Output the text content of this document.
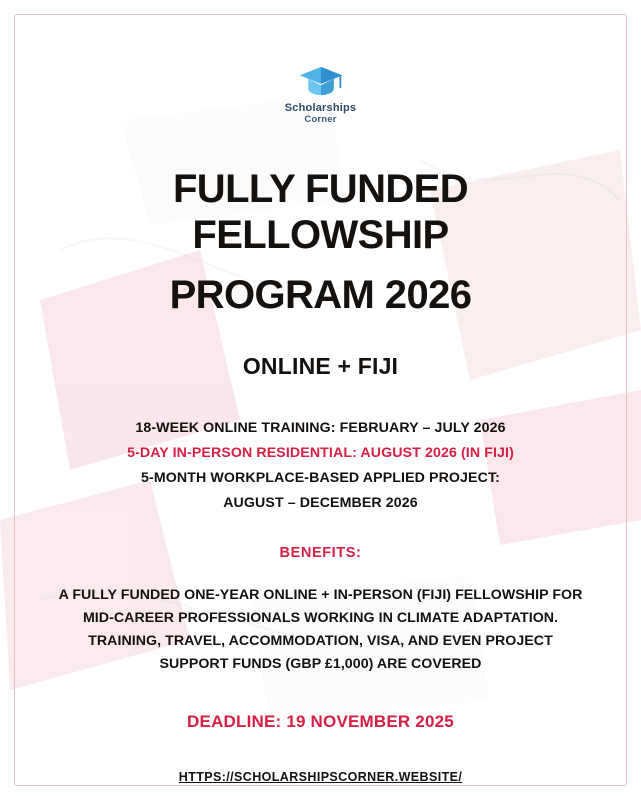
Scholarships
Corner
FULLY FUNDED FELLOWSHIP
PROGRAM 2026
ONLINE + FIJI

18-WEEK ONLINE TRAINING: FEBRUARY – JULY 2026

5-DAY IN-PERSON RESIDENTIAL: AUGUST 2026 (IN FIJI)

5-MONTH WORKPLACE-BASED APPLIED PROJECT:

AUGUST – DECEMBER 2026

BENEFITS:

A FULLY FUNDED ONE-YEAR ONLINE + IN-PERSON (FIJI) FELLOWSHIP FOR

MID-CAREER PROFESSIONALS WORKING IN CLIMATE ADAPTATION.

TRAINING, TRAVEL, ACCOMMODATION, VISA, AND EVEN PROJECT

SUPPORT FUNDS (GBP £1,000) ARE COVERED

DEADLINE: 19 NOVEMBER 2025
HTTPS://SCHOLARSHIPSCORNER.WEBSITE/
